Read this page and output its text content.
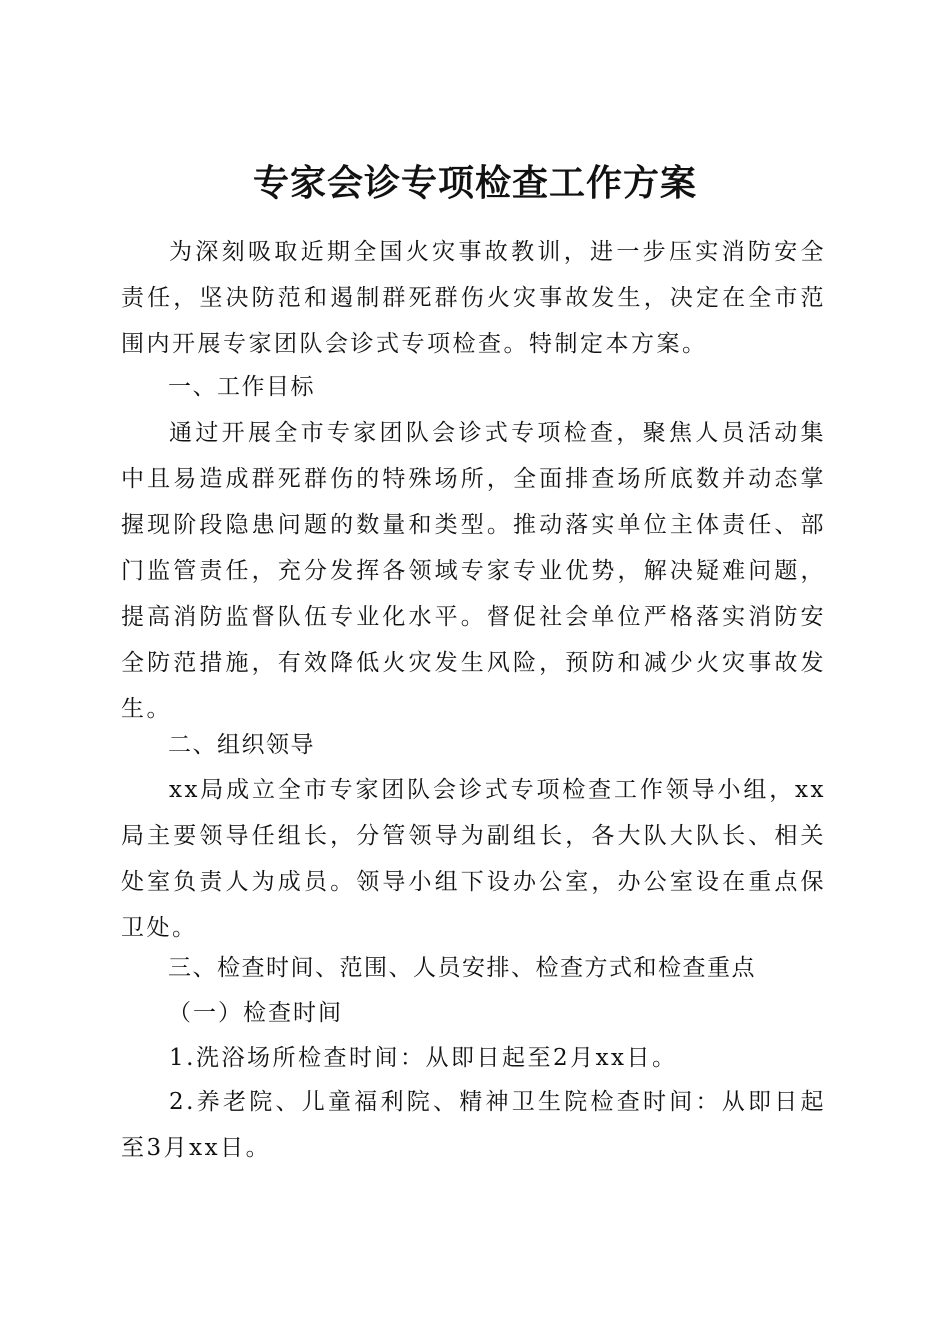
专家会诊专项检查工作方案

为深刻吸取近期全国火灾事故教训，进一步压实消防安全责任，坚决防范和遏制群死群伤火灾事故发生，决定在全市范围内开展专家团队会诊式专项检查。特制定本方案。

一、工作目标

通过开展全市专家团队会诊式专项检查，聚焦人员活动集中且易造成群死群伤的特殊场所，全面排查场所底数并动态掌握现阶段隐患问题的数量和类型。推动落实单位主体责任、部门监管责任，充分发挥各领域专家专业优势，解决疑难问题，提高消防监督队伍专业化水平。督促社会单位严格落实消防安全防范措施，有效降低火灾发生风险，预防和减少火灾事故发生。

二、组织领导

xx局成立全市专家团队会诊式专项检查工作领导小组，xx局主要领导任组长，分管领导为副组长，各大队大队长、相关处室负责人为成员。领导小组下设办公室，办公室设在重点保卫处。

三、检查时间、范围、人员安排、检查方式和检查重点
（一）检查时间

1.洗浴场所检查时间：从即日起至2月xx日。

2.养老院、儿童福利院、精神卫生院检查时间：从即日起至3月xx日。
